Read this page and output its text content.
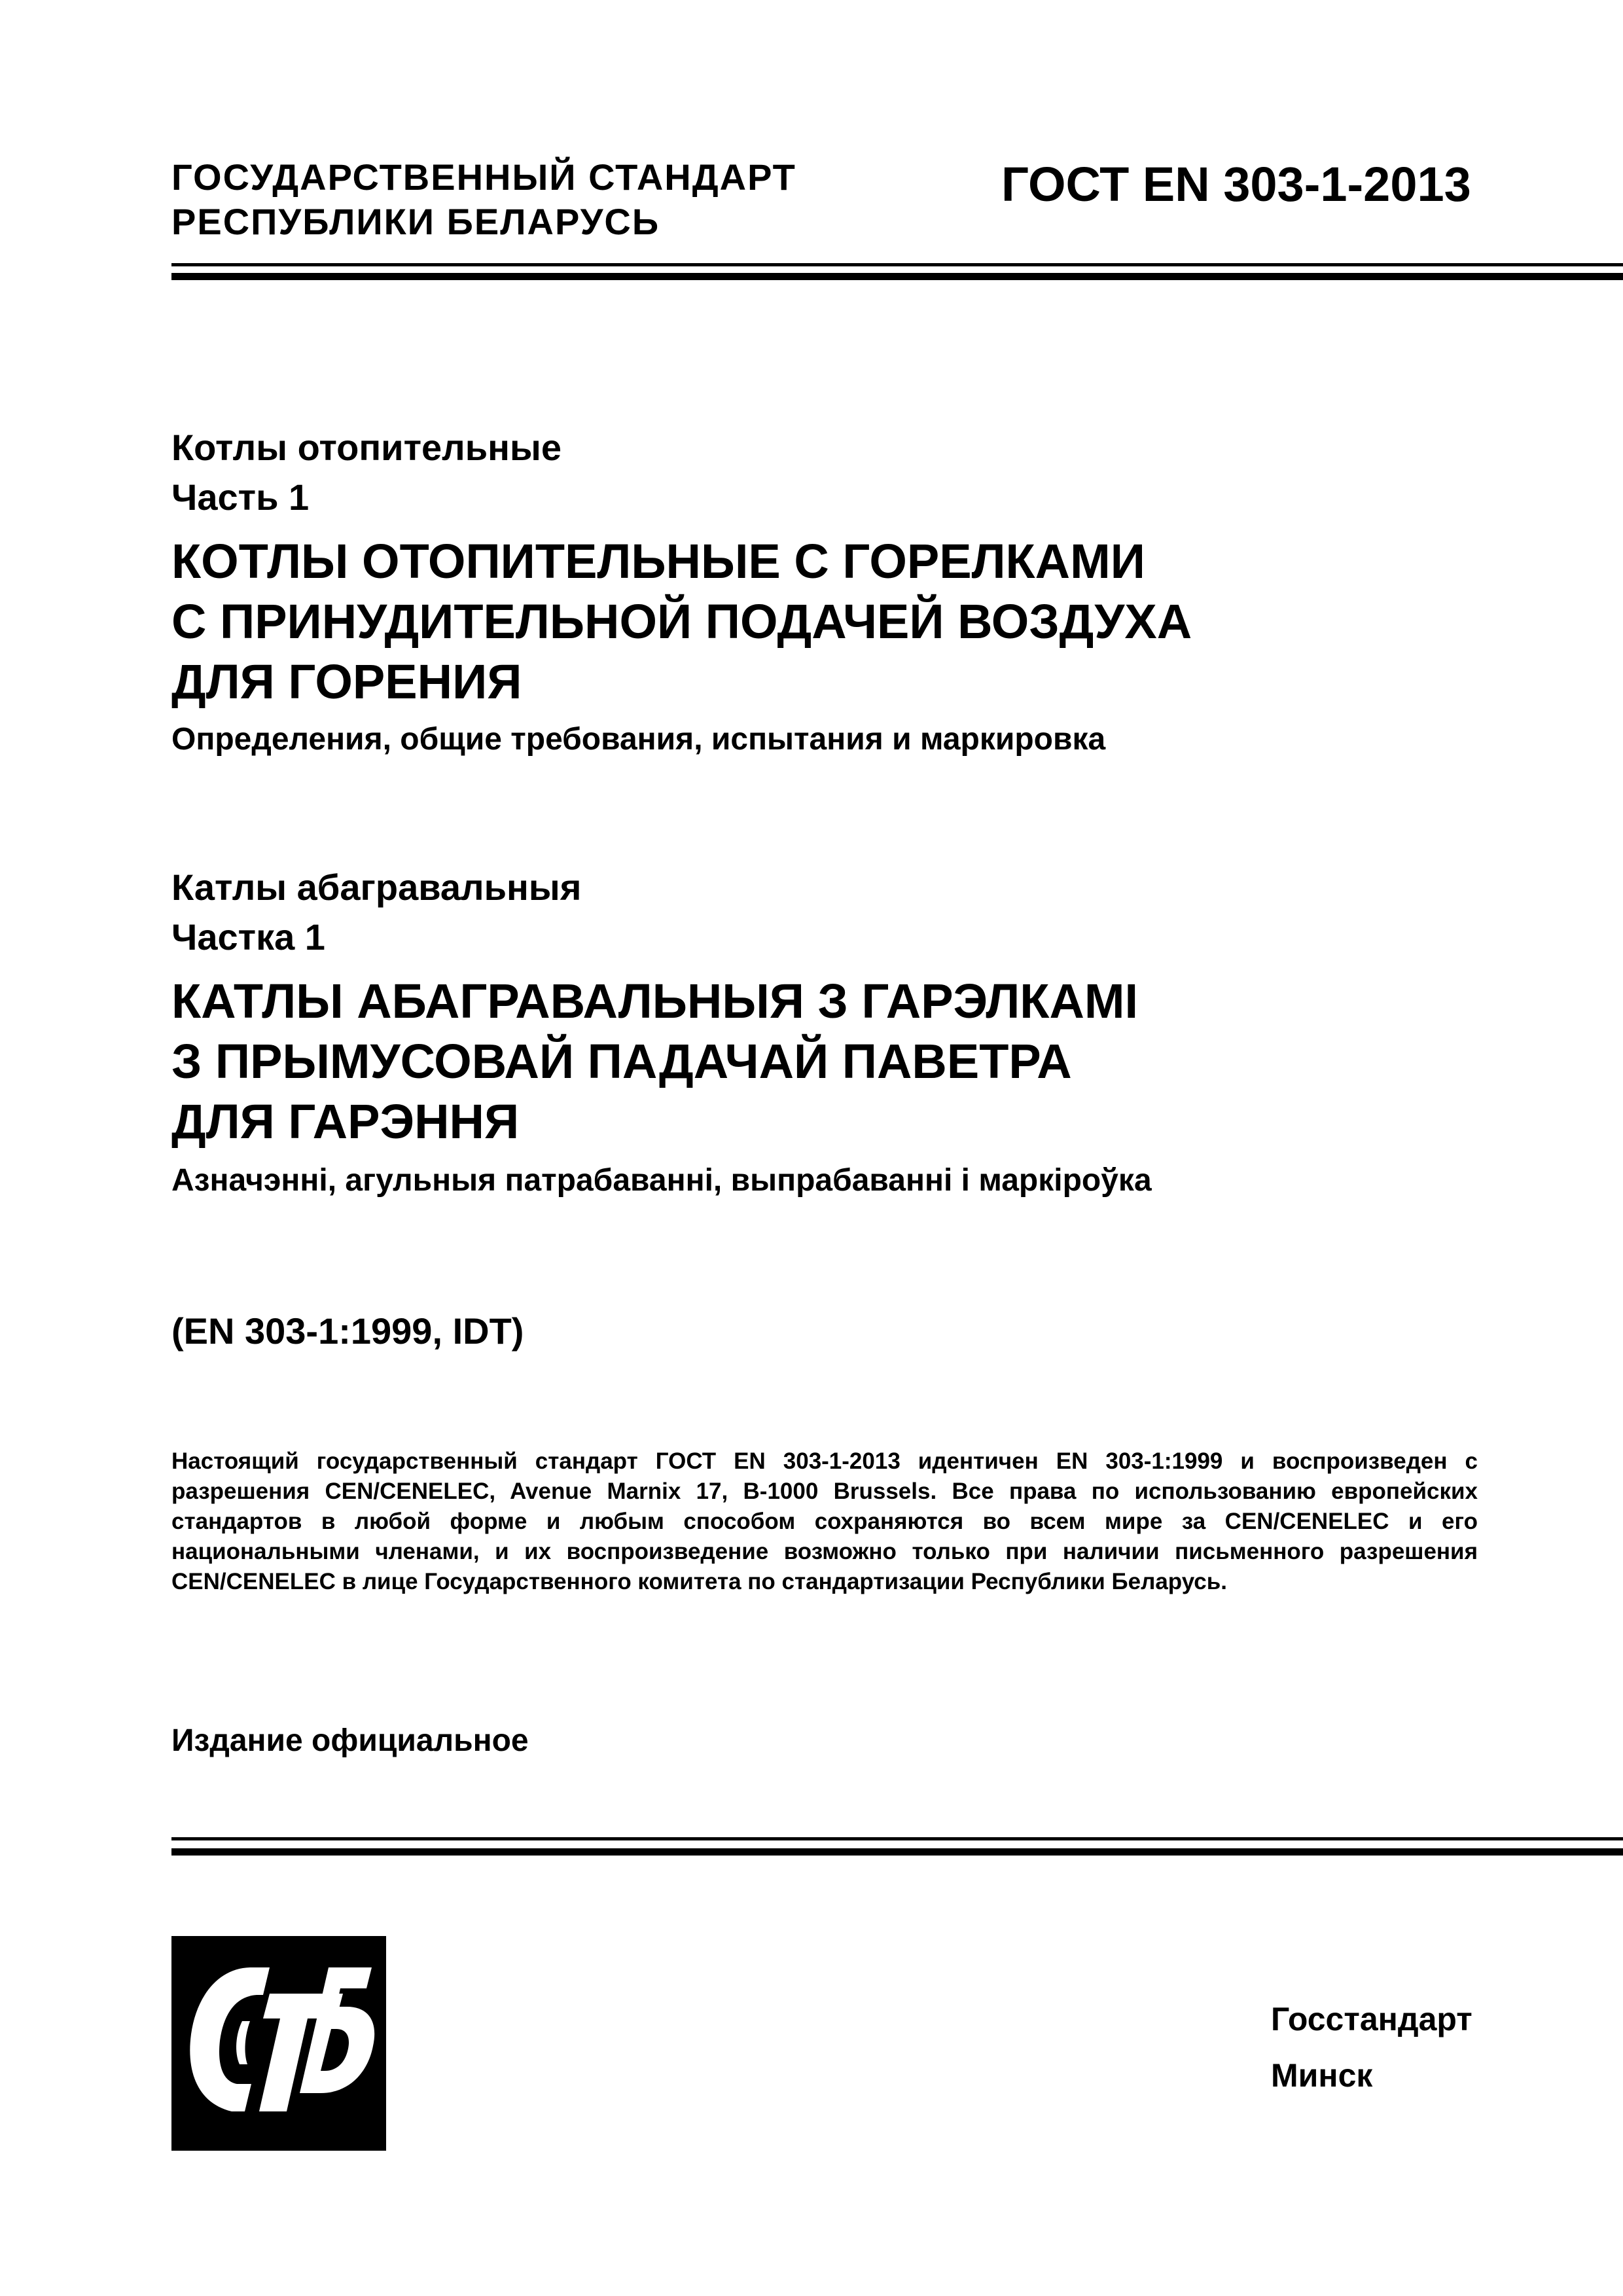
ГОСУДАРСТВЕННЫЙ СТАНДАРТ
РЕСПУБЛИКИ БЕЛАРУСЬ
ГОСТ EN 303-1-2013
Котлы отопительные
Часть 1
КОТЛЫ ОТОПИТЕЛЬНЫЕ С ГОРЕЛКАМИ
С ПРИНУДИТЕЛЬНОЙ ПОДАЧЕЙ ВОЗДУХА
ДЛЯ ГОРЕНИЯ
Определения, общие требования, испытания и маркировка
Катлы абагравальныя
Частка 1
КАТЛЫ АБАГРАВАЛЬНЫЯ З ГАРЭЛКАМІ
З ПРЫМУСОВАЙ ПАДАЧАЙ ПАВЕТРА
ДЛЯ ГАРЭННЯ
Азначэнні, агульныя патрабаванні, выпрабаванні і маркіроўка
(EN 303-1:1999, IDT)
Настоящий государственный стандарт ГОСТ EN 303-1-2013 идентичен EN 303-1:1999 и воспроизведен с разрешения CEN/CENELEC, Avenue Marnix 17, B-1000 Brussels. Все права по использованию европейских стандартов в любой форме и любым способом сохраняются во всем мире за CEN/CENELEC и его национальными членами, и их воспроизведение возможно только при наличии письменного разрешения CEN/CENELEC в лице Государственного комитета по стандартизации Республики Беларусь.
Издание официальное
Госстандарт
Минск
